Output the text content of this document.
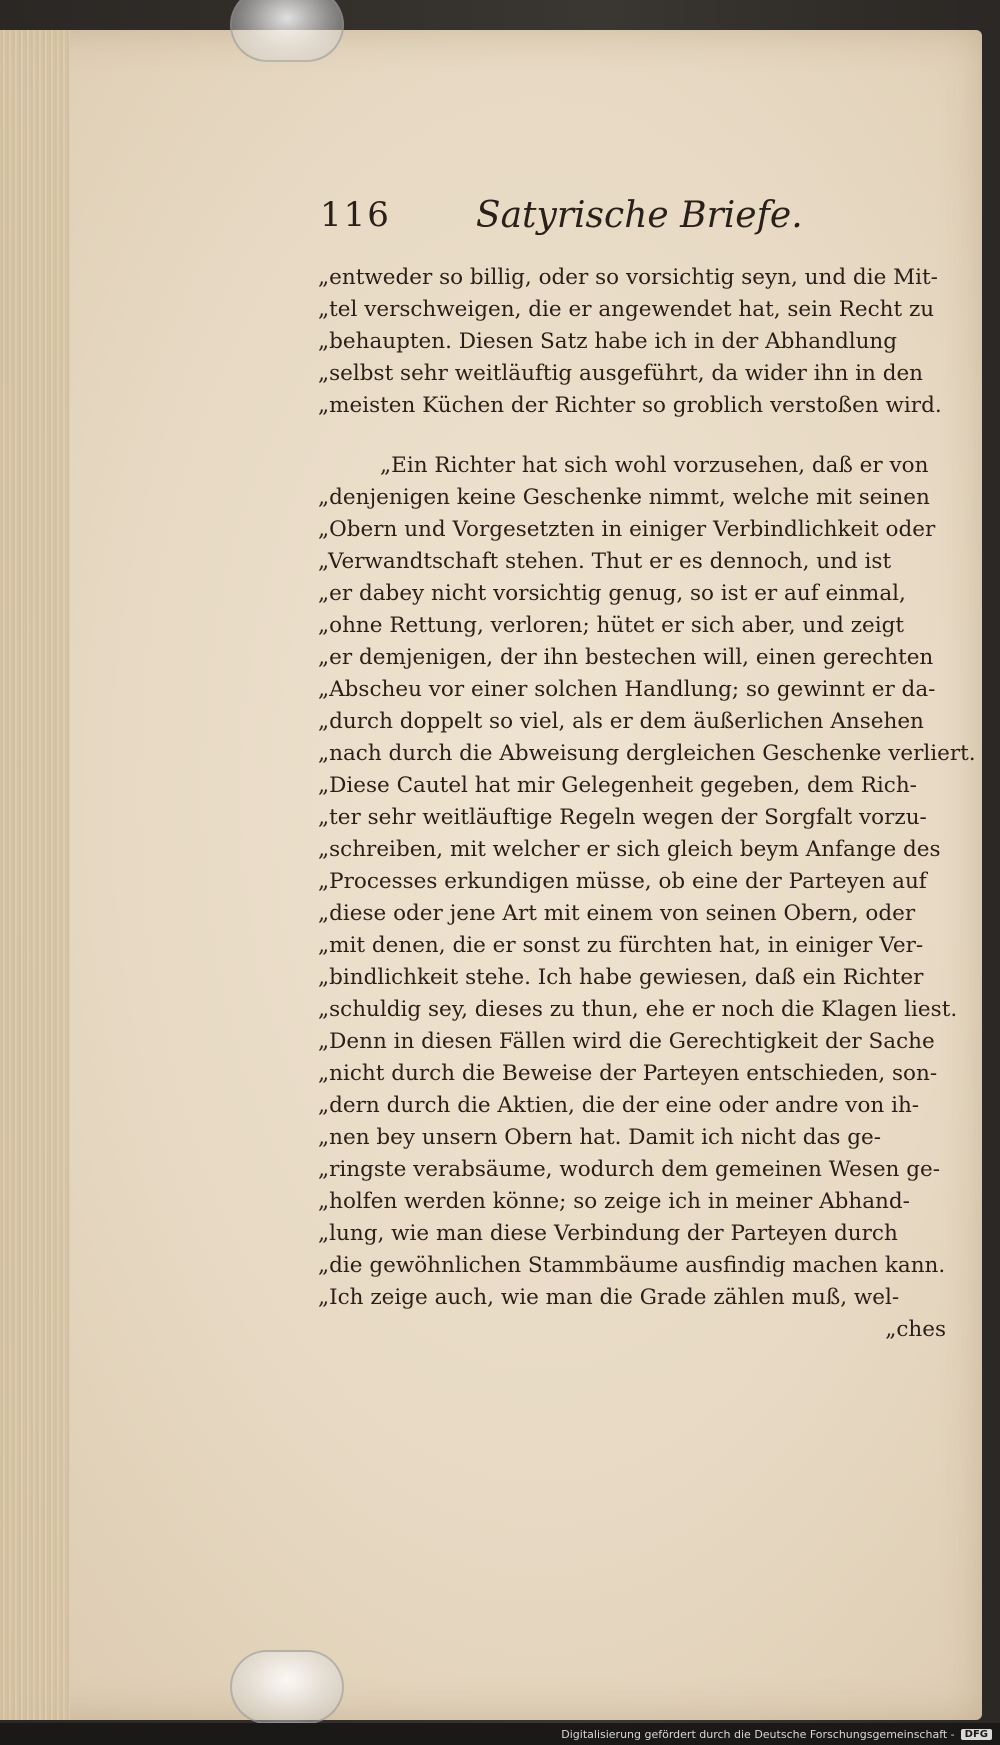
116 Satyrische Briefe.
„entweder so billig, oder so vorsichtig seyn, und die Mit-
„tel verschweigen, die er angewendet hat, sein Recht zu
„behaupten. Diesen Satz habe ich in der Abhandlung
„selbst sehr weitläuftig ausgeführt, da wider ihn in den
„meisten Küchen der Richter so groblich verstoßen wird.
„Ein Richter hat sich wohl vorzusehen, daß er von
„denjenigen keine Geschenke nimmt, welche mit seinen
„Obern und Vorgesetzten in einiger Verbindlichkeit oder
„Verwandtschaft stehen. Thut er es dennoch, und ist
„er dabey nicht vorsichtig genug, so ist er auf einmal,
„ohne Rettung, verloren; hütet er sich aber, und zeigt
„er demjenigen, der ihn bestechen will, einen gerechten
„Abscheu vor einer solchen Handlung; so gewinnt er da-
„durch doppelt so viel, als er dem äußerlichen Ansehen
„nach durch die Abweisung dergleichen Geschenke verliert.
„Diese Cautel hat mir Gelegenheit gegeben, dem Rich-
„ter sehr weitläuftige Regeln wegen der Sorgfalt vorzu-
„schreiben, mit welcher er sich gleich beym Anfange des
„Processes erkundigen müsse, ob eine der Parteyen auf
„diese oder jene Art mit einem von seinen Obern, oder
„mit denen, die er sonst zu fürchten hat, in einiger Ver-
„bindlichkeit stehe. Ich habe gewiesen, daß ein Richter
„schuldig sey, dieses zu thun, ehe er noch die Klagen liest.
„Denn in diesen Fällen wird die Gerechtigkeit der Sache
„nicht durch die Beweise der Parteyen entschieden, son-
„dern durch die Aktien, die der eine oder andre von ih-
„nen bey unsern Obern hat. Damit ich nicht das ge-
„ringste verabsäume, wodurch dem gemeinen Wesen ge-
„holfen werden könne; so zeige ich in meiner Abhand-
„lung, wie man diese Verbindung der Parteyen durch
„die gewöhnlichen Stammbäume ausfindig machen kann.
„Ich zeige auch, wie man die Grade zählen muß, wel-
„ches
Digitalisierung gefördert durch die Deutsche Forschungsgemeinschaft -	DFG
